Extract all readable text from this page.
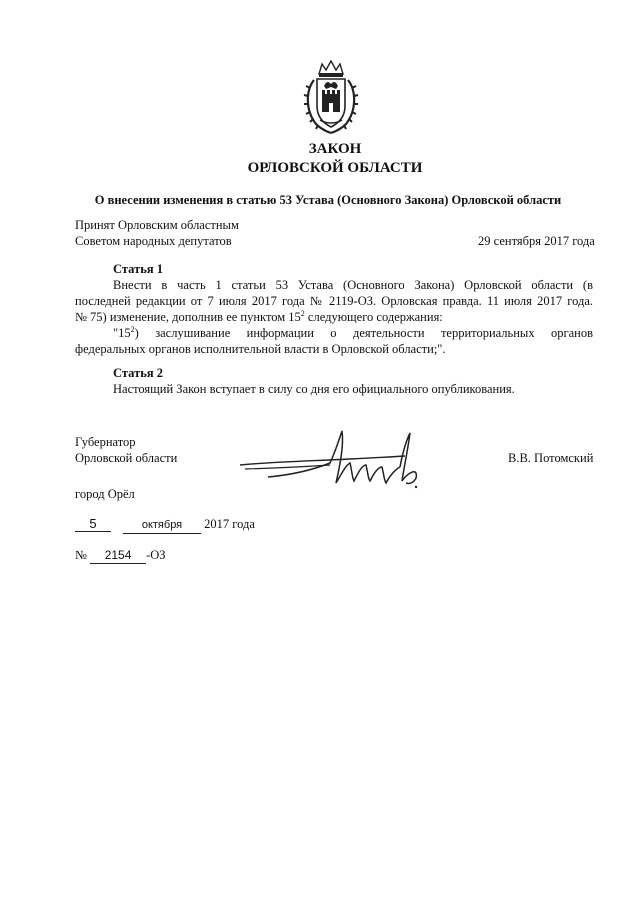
ЗАКОН
ОРЛОВСКОЙ ОБЛАСТИ
О внесении изменения в статью 53 Устава (Основного Закона) Орловской области
Принят Орловским областным
Советом народных депутатов	29 сентября 2017 года
Статья 1
Внести в часть 1 статьи 53 Устава (Основного Закона) Орловской области (в
последней редакции от 7 июля 2017 года № 2119-ОЗ. Орловская правда. 11 июля 2017 года.
№ 75) изменение, дополнив ее пунктом $15^2$ следующего содержания:
"$15^2$) заслушивание информации о деятельности территориальных органов
федеральных органов исполнительной власти в Орловской области;".
Статья 2
Настоящий Закон вступает в силу со дня его официального опубликования.
Губернатор
Орловской области	В.В. Потомский
город Орёл
5	октября 2017 года
№ 2154 -ОЗ
